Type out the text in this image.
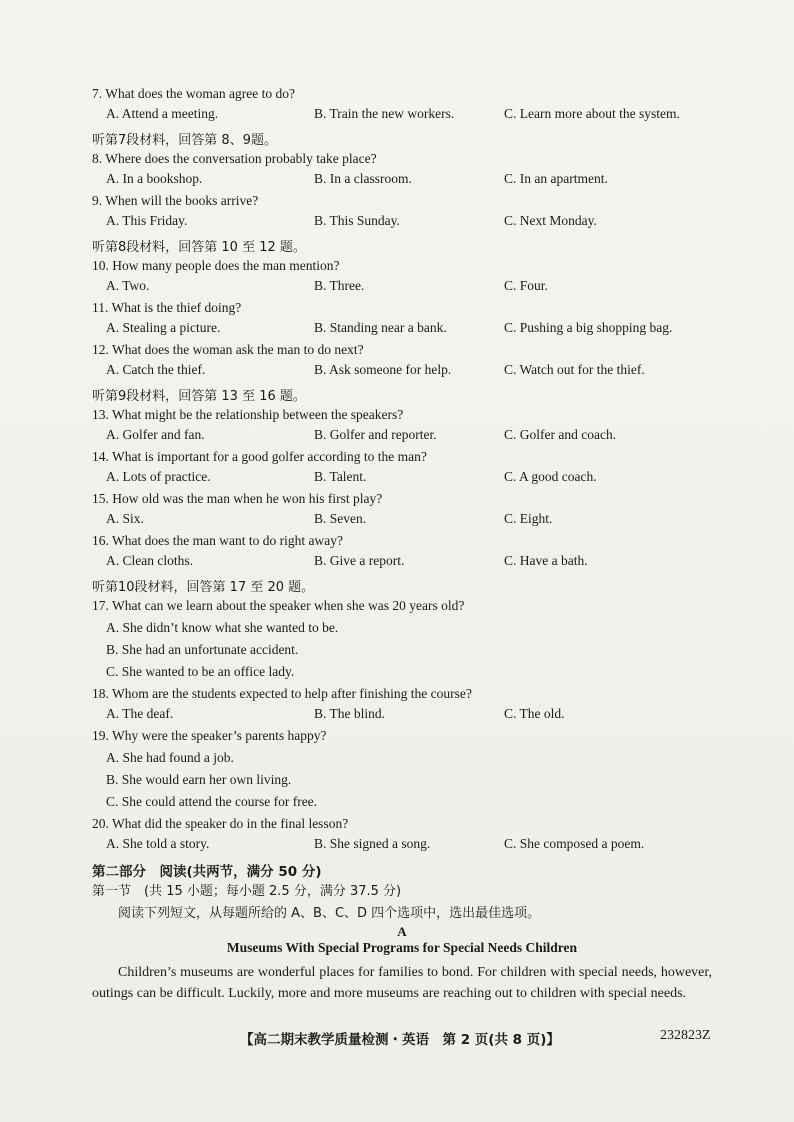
7. What does the woman agree to do?
A. Attend a meeting.	B. Train the new workers.	C. Learn more about the system.
听第7段材料，回答第 8、9题。
8. Where does the conversation probably take place?
A. In a bookshop.	B. In a classroom.	C. In an apartment.
9. When will the books arrive?
A. This Friday.	B. This Sunday.	C. Next Monday.
听第8段材料，回答第 10 至 12 题。
10. How many people does the man mention?
A. Two.	B. Three.	C. Four.
11. What is the thief doing?
A. Stealing a picture.	B. Standing near a bank.	C. Pushing a big shopping bag.
12. What does the woman ask the man to do next?
A. Catch the thief.	B. Ask someone for help.	C. Watch out for the thief.
听第9段材料，回答第 13 至 16 题。
13. What might be the relationship between the speakers?
A. Golfer and fan.	B. Golfer and reporter.	C. Golfer and coach.
14. What is important for a good golfer according to the man?
A. Lots of practice.	B. Talent.	C. A good coach.
15. How old was the man when he won his first play?
A. Six.	B. Seven.	C. Eight.
16. What does the man want to do right away?
A. Clean cloths.	B. Give a report.	C. Have a bath.
听第10段材料，回答第 17 至 20 题。
17. What can we learn about the speaker when she was 20 years old?
A. She didn’t know what she wanted to be.
B. She had an unfortunate accident.
C. She wanted to be an office lady.
18. Whom are the students expected to help after finishing the course?
A. The deaf.	B. The blind.	C. The old.
19. Why were the speaker’s parents happy?
A. She had found a job.
B. She would earn her own living.
C. She could attend the course for free.
20. What did the speaker do in the final lesson?
A. She told a story.	B. She signed a song.	C. She composed a poem.
第二部分　阅读(共两节，满分 50 分)
第一节　(共 15 小题；每小题 2.5 分，满分 37.5 分)
阅读下列短文，从每题所给的 A、B、C、D 四个选项中，选出最佳选项。
A
Museums With Special Programs for Special Needs Children
Children’s museums are wonderful places for families to bond. For children with special needs, however, outings can be difficult. Luckily, more and more museums are reaching out to children with special needs.
【高二期末教学质量检测・英语　第 2 页(共 8 页)】	232823Z
